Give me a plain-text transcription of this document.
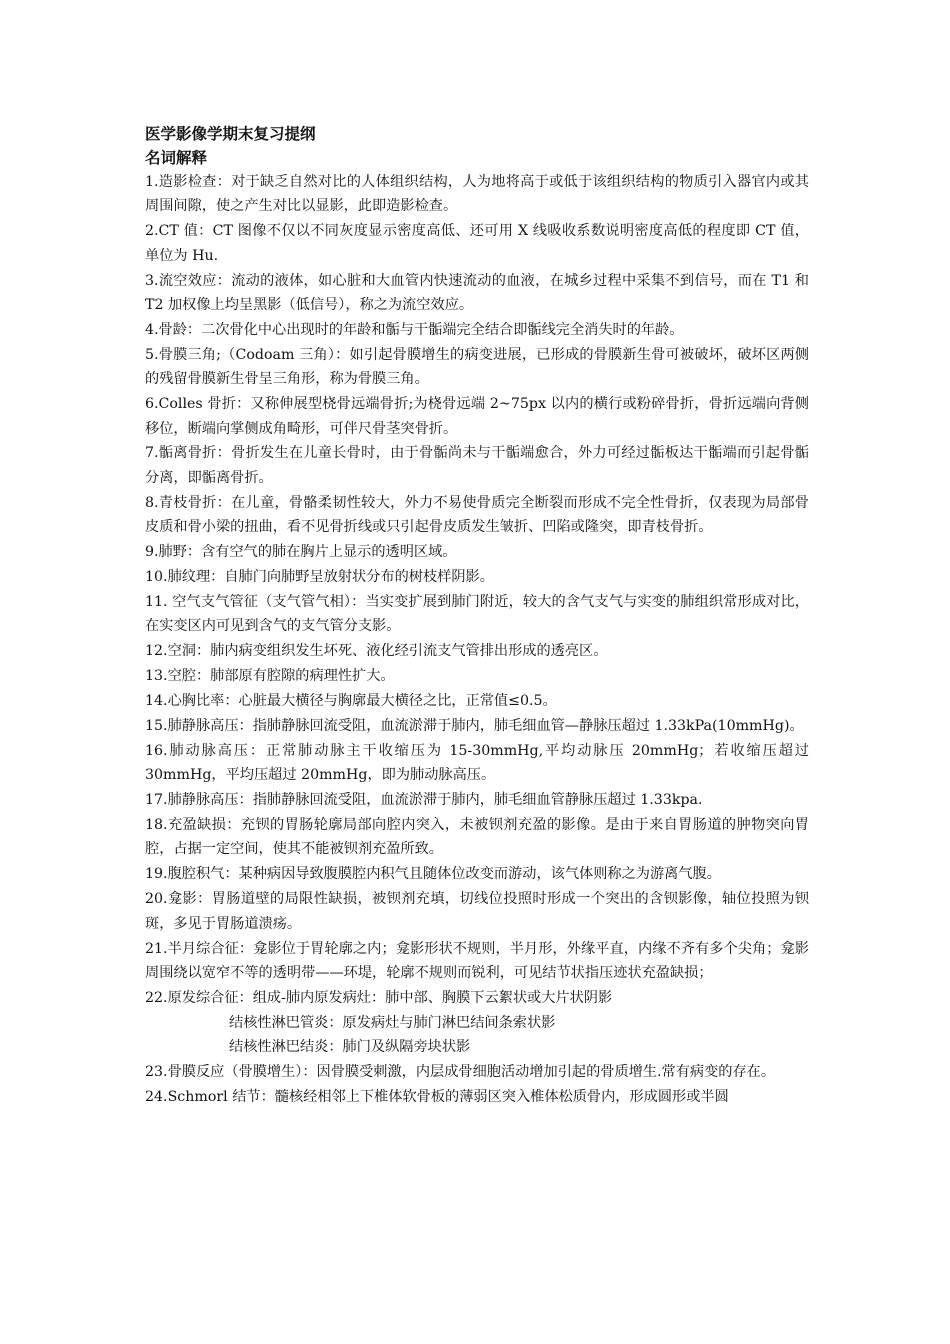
医学影像学期末复习提纲

名词解释

1.造影检查：对于缺乏自然对比的人体组织结构，人为地将高于或低于该组织结构的物质引入器官内或其周围间隙，使之产生对比以显影，此即造影检查。

2.CT 值：CT 图像不仅以不同灰度显示密度高低、还可用 X 线吸收系数说明密度高低的程度即 CT 值，单位为 Hu.

3.流空效应：流动的液体，如心脏和大血管内快速流动的血液，在城乡过程中采集不到信号，而在 T1 和 T2 加权像上均呈黑影（低信号），称之为流空效应。

4.骨龄：二次骨化中心出现时的年龄和骺与干骺端完全结合即骺线完全消失时的年龄。

5.骨膜三角;（Codoam 三角）：如引起骨膜增生的病变进展，已形成的骨膜新生骨可被破坏，破坏区两侧的残留骨膜新生骨呈三角形，称为骨膜三角。

6.Colles 骨折：又称伸展型桡骨远端骨折;为桡骨远端 2~75px 以内的横行或粉碎骨折，骨折远端向背侧移位，断端向掌侧成角畸形，可伴尺骨茎突骨折。

7.骺离骨折：骨折发生在儿童长骨时，由于骨骺尚未与干骺端愈合，外力可经过骺板达干骺端而引起骨骺分离，即骺离骨折。

8.青枝骨折：在儿童，骨骼柔韧性较大，外力不易使骨质完全断裂而形成不完全性骨折，仅表现为局部骨皮质和骨小梁的扭曲，看不见骨折线或只引起骨皮质发生皱折、凹陷或隆突，即青枝骨折。

9.肺野：含有空气的肺在胸片上显示的透明区域。

10.肺纹理：自肺门向肺野呈放射状分布的树枝样阴影。

11. 空气支气管征（支气管气相）：当实变扩展到肺门附近，较大的含气支气与实变的肺组织常形成对比，在实变区内可见到含气的支气管分支影。

12.空洞：肺内病变组织发生坏死、液化经引流支气管排出形成的透亮区。

13.空腔：肺部原有腔隙的病理性扩大。

14.心胸比率：心脏最大横径与胸廓最大横径之比，正常值≤0.5。

15.肺静脉高压：指肺静脉回流受阻，血流淤滞于肺内，肺毛细血管—静脉压超过 1.33kPa(10mmHg)。

16.肺动脉高压：正常肺动脉主干收缩压为 15-30mmHg,平均动脉压 20mmHg；若收缩压超过 30mmHg，平均压超过 20mmHg，即为肺动脉高压。

17.肺静脉高压：指肺静脉回流受阻，血流淤滞于肺内，肺毛细血管静脉压超过 1.33kpa.

18.充盈缺损：充钡的胃肠轮廓局部向腔内突入，未被钡剂充盈的影像。是由于来自胃肠道的肿物突向胃腔，占据一定空间，使其不能被钡剂充盈所致。

19.腹腔积气：某种病因导致腹膜腔内积气且随体位改变而游动，该气体则称之为游离气腹。

20.龛影：胃肠道壁的局限性缺损，被钡剂充填，切线位投照时形成一个突出的含钡影像，轴位投照为钡斑，多见于胃肠道溃疡。

21.半月综合征：龛影位于胃轮廓之内；龛影形状不规则，半月形，外缘平直，内缘不齐有多个尖角；龛影周围绕以宽窄不等的透明带——环堤，轮廓不规则而锐利，可见结节状指压迹状充盈缺损；

22.原发综合征：组成-肺内原发病灶：肺中部、胸膜下云絮状或大片状阴影

结核性淋巴管炎：原发病灶与肺门淋巴结间条索状影

结核性淋巴结炎：肺门及纵隔旁块状影

23.骨膜反应（骨膜增生）：因骨膜受刺激，内层成骨细胞活动增加引起的骨质增生.常有病变的存在。

24.Schmorl 结节：髓核经相邻上下椎体软骨板的薄弱区突入椎体松质骨内，形成圆形或半圆
